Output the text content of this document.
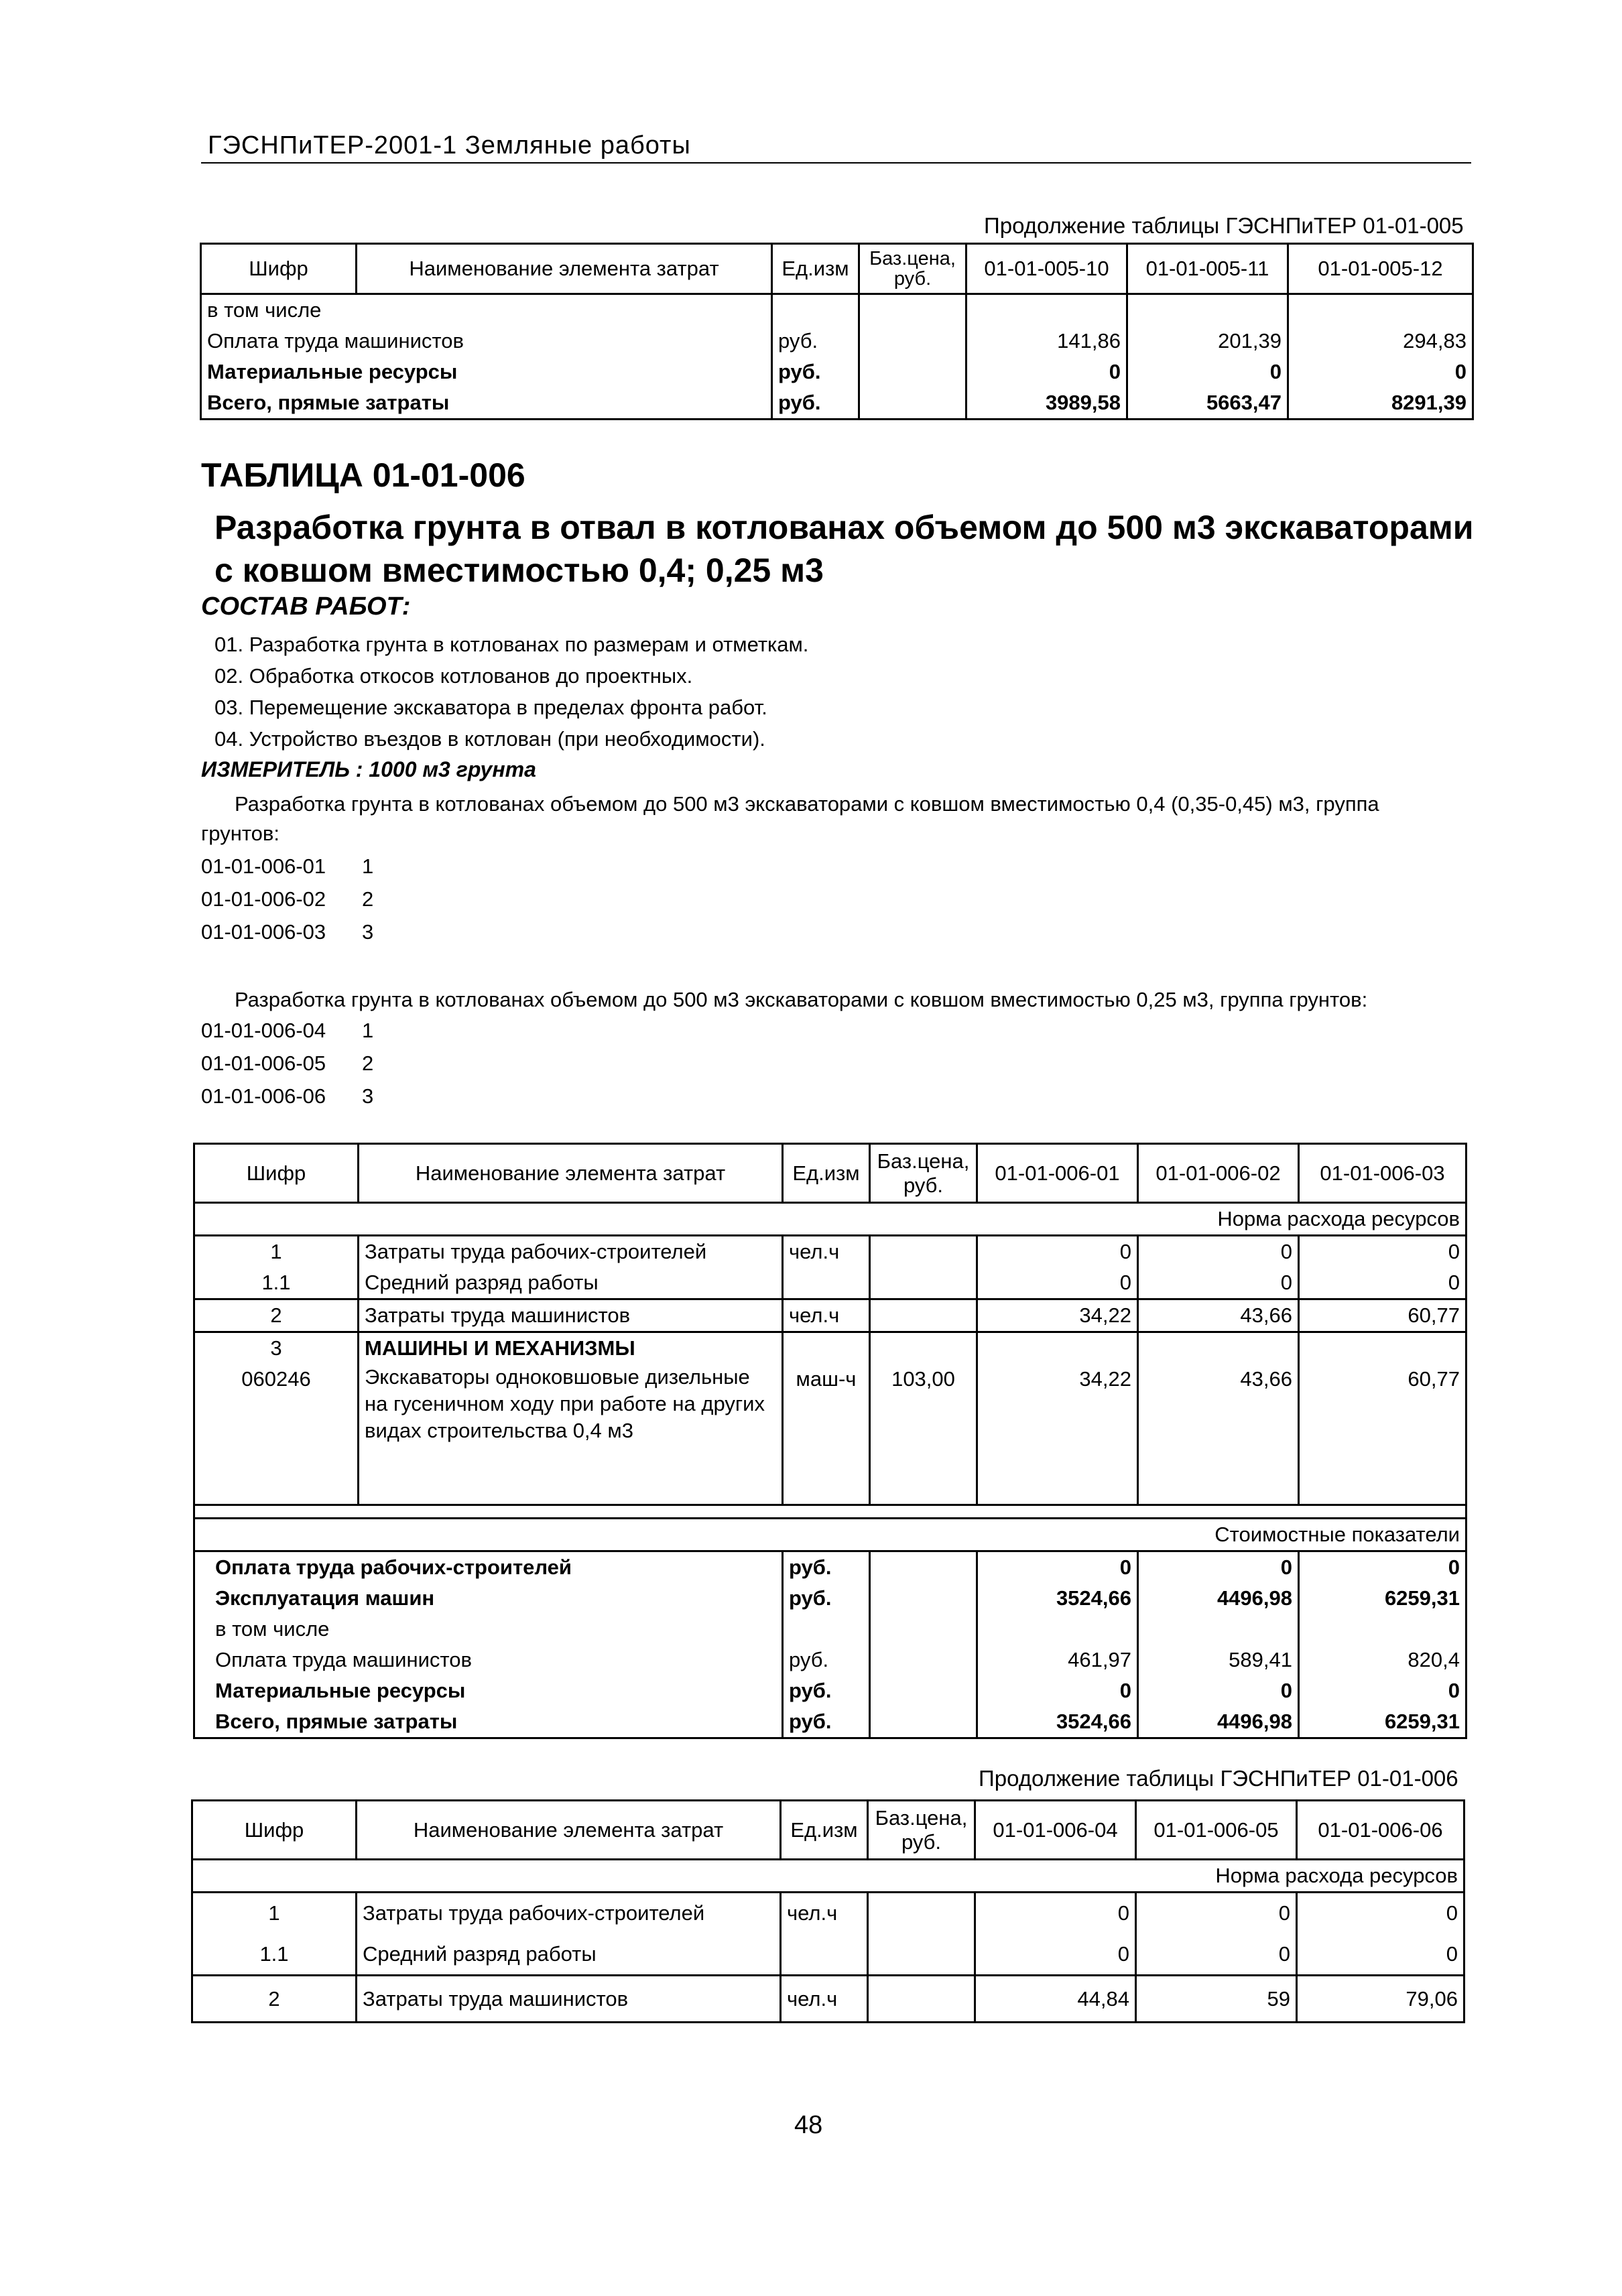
ГЭСНПиТЕР-2001-1 Земляные работы
Продолжение таблицы ГЭСНПиТЕР 01-01-005
Шифр	Наименование элемента затрат	Ед.изм	Баз.цена, руб.	01-01-005-10	01-01-005-11	01-01-005-12
в том числе						
Оплата труда машинистов		руб.		141,86	201,39	294,83
Материальные ресурсы		руб.		0	0	0
Всего, прямые затраты		руб.		3989,58	5663,47	8291,39
ТАБЛИЦА 01-01-006
Разработка грунта в отвал в котлованах объемом до 500 м3 экскаваторами с ковшом вместимостью 0,4; 0,25 м3
СОСТАВ РАБОТ:
01. Разработка грунта в котлованах по размерам и отметкам.
02. Обработка откосов котлованов до проектных.
03. Перемещение экскаватора в пределах фронта работ.
04. Устройство въездов в котлован (при необходимости).
ИЗМЕРИТЕЛЬ : 1000 м3 грунта
Разработка грунта в котлованах объемом до 500 м3 экскаваторами с ковшом вместимостью 0,4 (0,35-0,45) м3, группа грунтов:
01-01-006-01 1
01-01-006-02 2
01-01-006-03 3
Разработка грунта в котлованах объемом до 500 м3 экскаваторами с ковшом вместимостью 0,25 м3, группа грунтов:
01-01-006-04 1
01-01-006-05 2
01-01-006-06 3
Шифр	Наименование элемента затрат	Ед.изм	Баз.цена, руб.	01-01-006-01	01-01-006-02	01-01-006-03
Норма расхода ресурсов						
1	Затраты труда рабочих-строителей	чел.ч		0	0	0
1.1	Средний разряд работы			0	0	0
2	Затраты труда машинистов	чел.ч		34,22	43,66	60,77
3	МАШИНЫ И МЕХАНИЗМЫ					
060246	Экскаваторы одноковшовые дизельные на гусеничном ходу при работе на других видах строительства 0,4 м3	маш-ч	103,00	34,22	43,66	60,77

Стоимостные показатели						
Оплата труда рабочих-строителей		руб.		0	0	0
Эксплуатация машин		руб.		3524,66	4496,98	6259,31
в том числе						
Оплата труда машинистов		руб.		461,97	589,41	820,4
Материальные ресурсы		руб.		0	0	0
Всего, прямые затраты		руб.		3524,66	4496,98	6259,31
Продолжение таблицы ГЭСНПиТЕР 01-01-006
Шифр	Наименование элемента затрат	Ед.изм	Баз.цена, руб.	01-01-006-04	01-01-006-05	01-01-006-06
Норма расхода ресурсов						
1	Затраты труда рабочих-строителей	чел.ч		0	0	0
1.1	Средний разряд работы			0	0	0
2	Затраты труда машинистов	чел.ч		44,84	59	79,06
48
